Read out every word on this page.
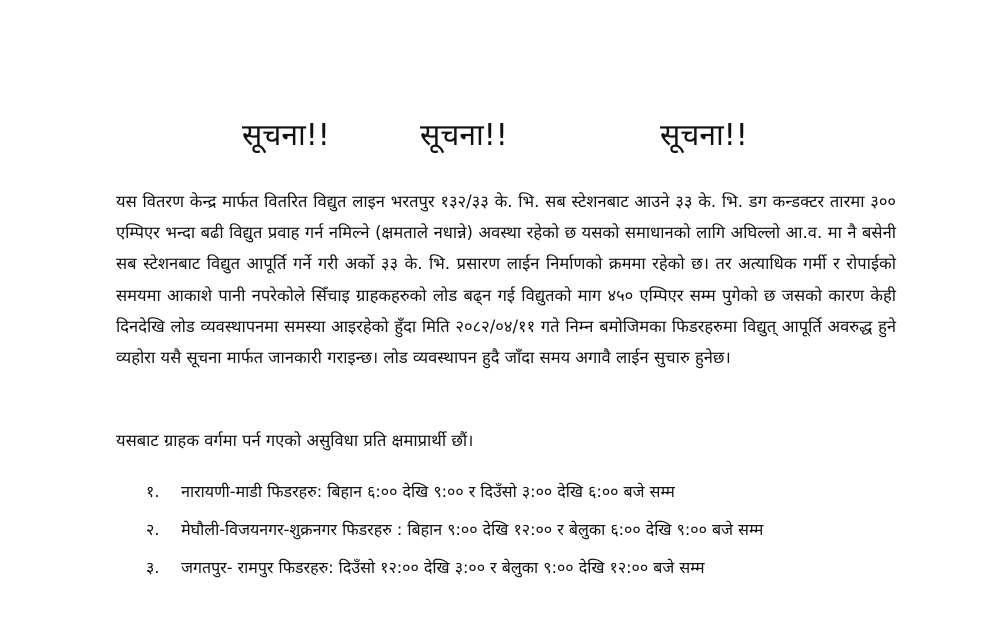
सूचना!!	सूचना!!	सूचना!!

यस वितरण केन्द्र मार्फत वितरित विद्युत लाइन भरतपुर १३२/३३ के. भि. सब स्टेशनबाट आउने ३३ के. भि. डग कन्डक्टर तारमा ३०० एम्पिएर भन्दा बढी विद्युत प्रवाह गर्न नमिल्ने (क्षमताले नधान्ने) अवस्था रहेको छ यसको समाधानको लागि अघिल्लो आ.व. मा नै बसेनी सब स्टेशनबाट विद्युत आपूर्ति गर्ने गरी अर्को ३३ के. भि. प्रसारण लाईन निर्माणको क्रममा रहेको छ। तर अत्याधिक गर्मी र रोपाईको समयमा आकाशे पानी नपरेकोले सिँचाइ ग्राहकहरुको लोड बढ्न गई विद्युतको माग ४५० एम्पिएर सम्म पुगेको छ जसको कारण केही दिनदेखि लोड व्यवस्थापनमा समस्या आइरहेको हुँदा मिति २०८२/०४/११ गते निम्न बमोजिमका फिडरहरुमा विद्युत् आपूर्ति अवरुद्ध हुने व्यहोरा यसै सूचना मार्फत जानकारी गराइन्छ। लोड व्यवस्थापन हुदै जाँदा समय अगावै लाईन सुचारु हुनेछ।

यसबाट ग्राहक वर्गमा पर्न गएको असुविधा प्रति क्षमाप्रार्थी छौं।
१. नारायणी-माडी फिडरहरु: बिहान ६:०० देखि ९:०० र दिउँसो ३:०० देखि ६:०० बजे सम्म
२. मेघौली-विजयनगर-शुक्रनगर फिडरहरु : बिहान ९:०० देखि १२:०० र बेलुका ६:०० देखि ९:०० बजे सम्म
३. जगतपुर- रामपुर फिडरहरु: दिउँसो १२:०० देखि ३:०० र बेलुका ९:०० देखि १२:०० बजे सम्म
